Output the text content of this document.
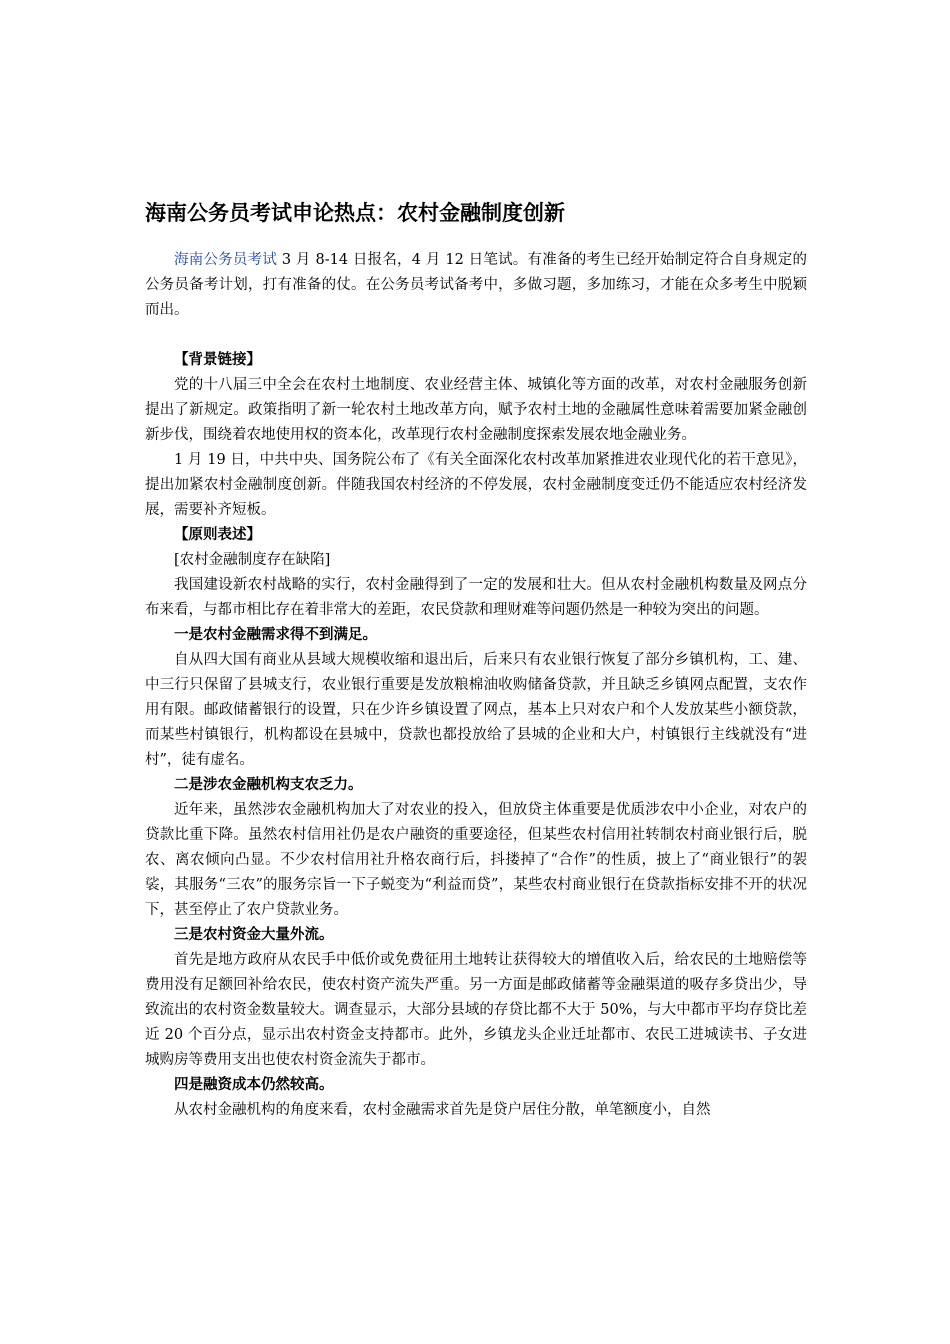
海南公务员考试申论热点：农村金融制度创新

海南公务员考试 3 月 8-14 日报名，4 月 12 日笔试。有准备的考生已经开始制定符合自身规定的公务员备考计划，打有准备的仗。在公务员考试备考中，多做习题，多加练习，才能在众多考生中脱颖而出。

【背景链接】

党的十八届三中全会在农村土地制度、农业经营主体、城镇化等方面的改革，对农村金融服务创新提出了新规定。政策指明了新一轮农村土地改革方向，赋予农村土地的金融属性意味着需要加紧金融创新步伐，围绕着农地使用权的资本化，改革现行农村金融制度探索发展农地金融业务。

1 月 19 日，中共中央、国务院公布了《有关全面深化农村改革加紧推进农业现代化的若干意见》，提出加紧农村金融制度创新。伴随我国农村经济的不停发展，农村金融制度变迁仍不能适应农村经济发展，需要补齐短板。

【原则表述】

[农村金融制度存在缺陷]

我国建设新农村战略的实行，农村金融得到了一定的发展和壮大。但从农村金融机构数量及网点分布来看，与都市相比存在着非常大的差距，农民贷款和理财难等问题仍然是一种较为突出的问题。

一是农村金融需求得不到满足。

自从四大国有商业从县域大规模收缩和退出后，后来只有农业银行恢复了部分乡镇机构，工、建、中三行只保留了县城支行，农业银行重要是发放粮棉油收购储备贷款，并且缺乏乡镇网点配置，支农作用有限。邮政储蓄银行的设置，只在少许乡镇设置了网点，基本上只对农户和个人发放某些小额贷款，而某些村镇银行，机构都设在县城中，贷款也都投放给了县城的企业和大户，村镇银行主线就没有“进村”，徒有虚名。

二是涉农金融机构支农乏力。

近年来，虽然涉农金融机构加大了对农业的投入，但放贷主体重要是优质涉农中小企业，对农户的贷款比重下降。虽然农村信用社仍是农户融资的重要途径，但某些农村信用社转制农村商业银行后，脱农、离农倾向凸显。不少农村信用社升格农商行后，抖搂掉了“合作”的性质，披上了“商业银行”的袈裟，其服务“三农”的服务宗旨一下子蜕变为“利益而贷”，某些农村商业银行在贷款指标安排不开的状况下，甚至停止了农户贷款业务。

三是农村资金大量外流。

首先是地方政府从农民手中低价或免费征用土地转让获得较大的增值收入后，给农民的土地赔偿等费用没有足额回补给农民，使农村资产流失严重。另一方面是邮政储蓄等金融渠道的吸存多贷出少，导致流出的农村资金数量较大。调查显示，大部分县域的存贷比都不大于 50%，与大中都市平均存贷比差近 20 个百分点，显示出农村资金支持都市。此外，乡镇龙头企业迁址都市、农民工进城读书、子女进城购房等费用支出也使农村资金流失于都市。

四是融资成本仍然较高。

从农村金融机构的角度来看，农村金融需求首先是贷户居住分散，单笔额度小，自然
